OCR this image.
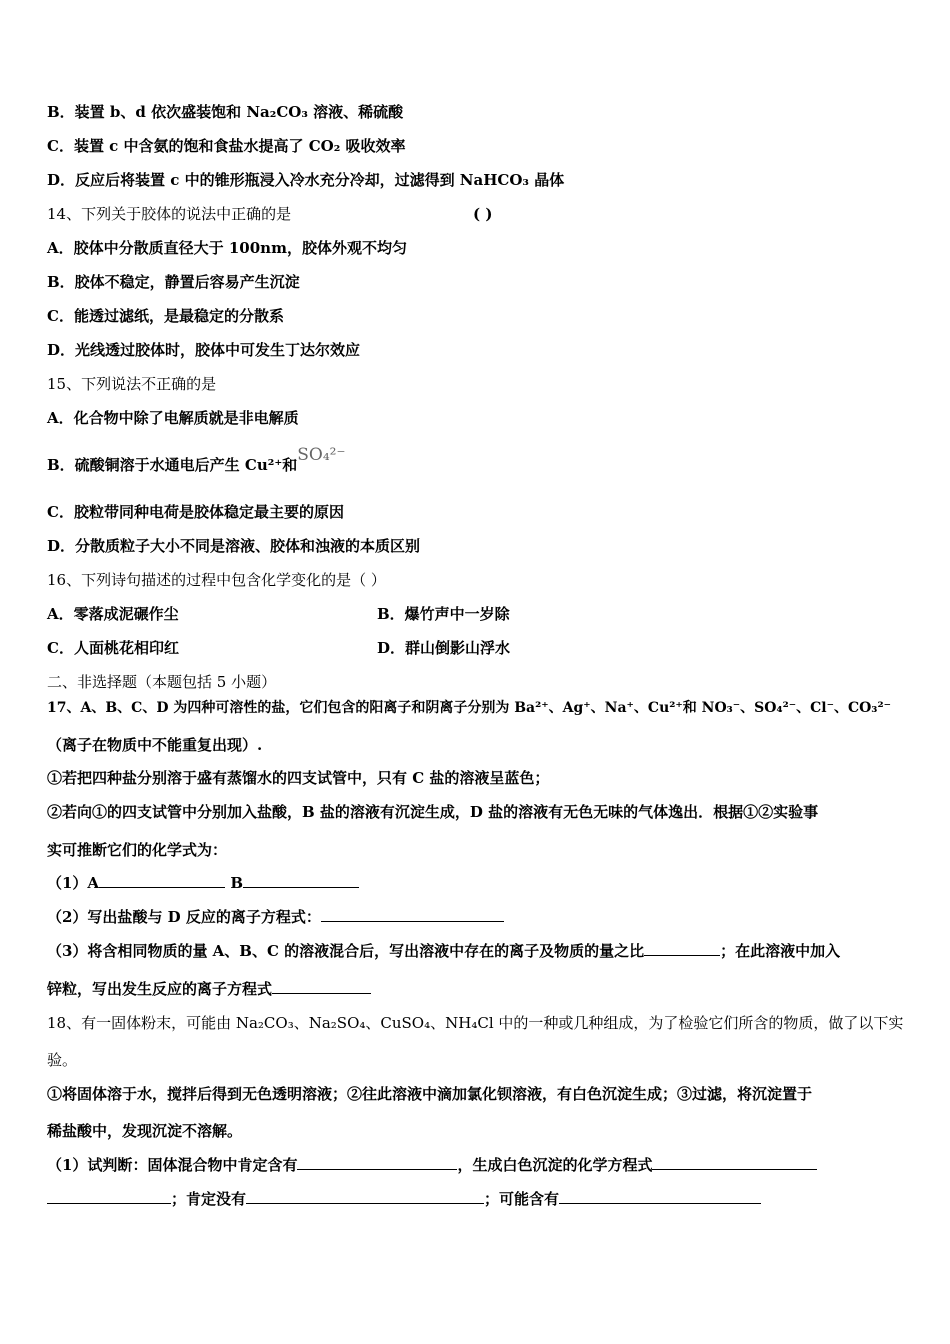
B．装置 b、d 依次盛装饱和 Na₂CO₃ 溶液、稀硫酸
C．装置 c 中含氨的饱和食盐水提高了 CO₂ 吸收效率
D．反应后将装置 c 中的锥形瓶浸入冷水充分冷却，过滤得到 NaHCO₃ 晶体
14、下列关于胶体的说法中正确的是	( )
A．胶体中分散质直径大于 100nm，胶体外观不均匀
B．胶体不稳定，静置后容易产生沉淀
C．能透过滤纸，是最稳定的分散系
D．光线透过胶体时，胶体中可发生丁达尔效应
15、下列说法不正确的是
A．化合物中除了电解质就是非电解质
B．硫酸铜溶于水通电后产生 Cu²⁺和SO₄²⁻
C．胶粒带同种电荷是胶体稳定最主要的原因
D．分散质粒子大小不同是溶液、胶体和浊液的本质区别
16、下列诗句描述的过程中包含化学变化的是（ ）
A．零落成泥碾作尘	B．爆竹声中一岁除
C．人面桃花相印红	D．群山倒影山浮水
二、非选择题（本题包括 5 小题）
17、A、B、C、D 为四种可溶性的盐，它们包含的阳离子和阴离子分别为 Ba²⁺、Ag⁺、Na⁺、Cu²⁺和 NO₃⁻、SO₄²⁻、Cl⁻、CO₃²⁻
（离子在物质中不能重复出现）.
①若把四种盐分别溶于盛有蒸馏水的四支试管中，只有 C 盐的溶液呈蓝色；
②若向①的四支试管中分别加入盐酸，B 盐的溶液有沉淀生成，D 盐的溶液有无色无味的气体逸出．根据①②实验事
实可推断它们的化学式为：
（1）A	B
（2）写出盐酸与 D 反应的离子方程式：
（3）将含相同物质的量 A、B、C 的溶液混合后，写出溶液中存在的离子及物质的量之比	；在此溶液中加入
锌粒，写出发生反应的离子方程式
18、有一固体粉末，可能由 Na₂CO₃、Na₂SO₄、CuSO₄、NH₄Cl 中的一种或几种组成，为了检验它们所含的物质，做了以下实
验。
①将固体溶于水，搅拌后得到无色透明溶液；②往此溶液中滴加氯化钡溶液，有白色沉淀生成；③过滤，将沉淀置于
稀盐酸中，发现沉淀不溶解。
（1）试判断：固体混合物中肯定含有	，生成白色沉淀的化学方程式
；肯定没有	；可能含有
